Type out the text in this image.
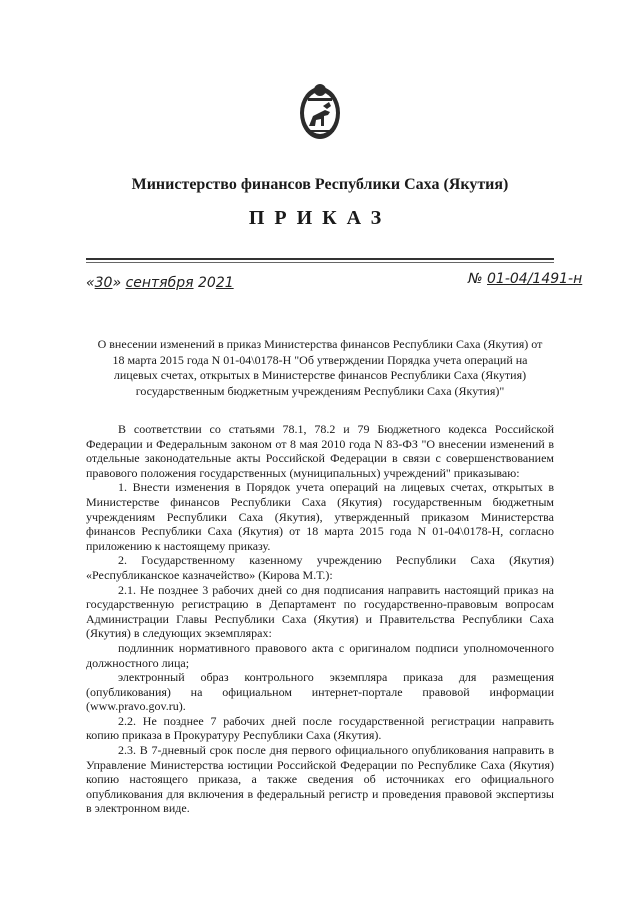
Министерство финансов Республики Саха (Якутия)
ПРИКАЗ
«30» сентября 2021	№ 01-04/1491-н
О внесении изменений в приказ Министерства финансов Республики Саха (Якутия) от 18 марта 2015 года N 01-04\0178-Н "Об утверждении Порядка учета операций на лицевых счетах, открытых в Министерстве финансов Республики Саха (Якутия) государственным бюджетным учреждениям Республики Саха (Якутия)"

В соответствии со статьями 78.1, 78.2 и 79 Бюджетного кодекса Российской Федерации и Федеральным законом от 8 мая 2010 года N 83-ФЗ "О внесении изменений в отдельные законодательные акты Российской Федерации в связи с совершенствованием правового положения государственных (муниципальных) учреждений" приказываю:

1. Внести изменения в Порядок учета операций на лицевых счетах, открытых в Министерстве финансов Республики Саха (Якутия) государственным бюджетным учреждениям Республики Саха (Якутия), утвержденный приказом Министерства финансов Республики Саха (Якутия) от 18 марта 2015 года N 01-04\0178-Н, согласно приложению к настоящему приказу.

2. Государственному казенному учреждению Республики Саха (Якутия) «Республиканское казначейство» (Кирова М.Т.):

2.1. Не позднее 3 рабочих дней со дня подписания направить настоящий приказ на государственную регистрацию в Департамент по государственно-правовым вопросам Администрации Главы Республики Саха (Якутия) и Правительства Республики Саха (Якутия) в следующих экземплярах:

подлинник нормативного правового акта с оригиналом подписи уполномоченного должностного лица;

электронный образ контрольного экземпляра приказа для размещения (опубликования) на официальном интернет-портале правовой информации (www.pravo.gov.ru).

2.2. Не позднее 7 рабочих дней после государственной регистрации направить копию приказа в Прокуратуру Республики Саха (Якутия).

2.3. В 7-дневный срок после дня первого официального опубликования направить в Управление Министерства юстиции Российской Федерации по Республике Саха (Якутия) копию настоящего приказа, а также сведения об источниках его официального опубликования для включения в федеральный регистр и проведения правовой экспертизы в электронном виде.
